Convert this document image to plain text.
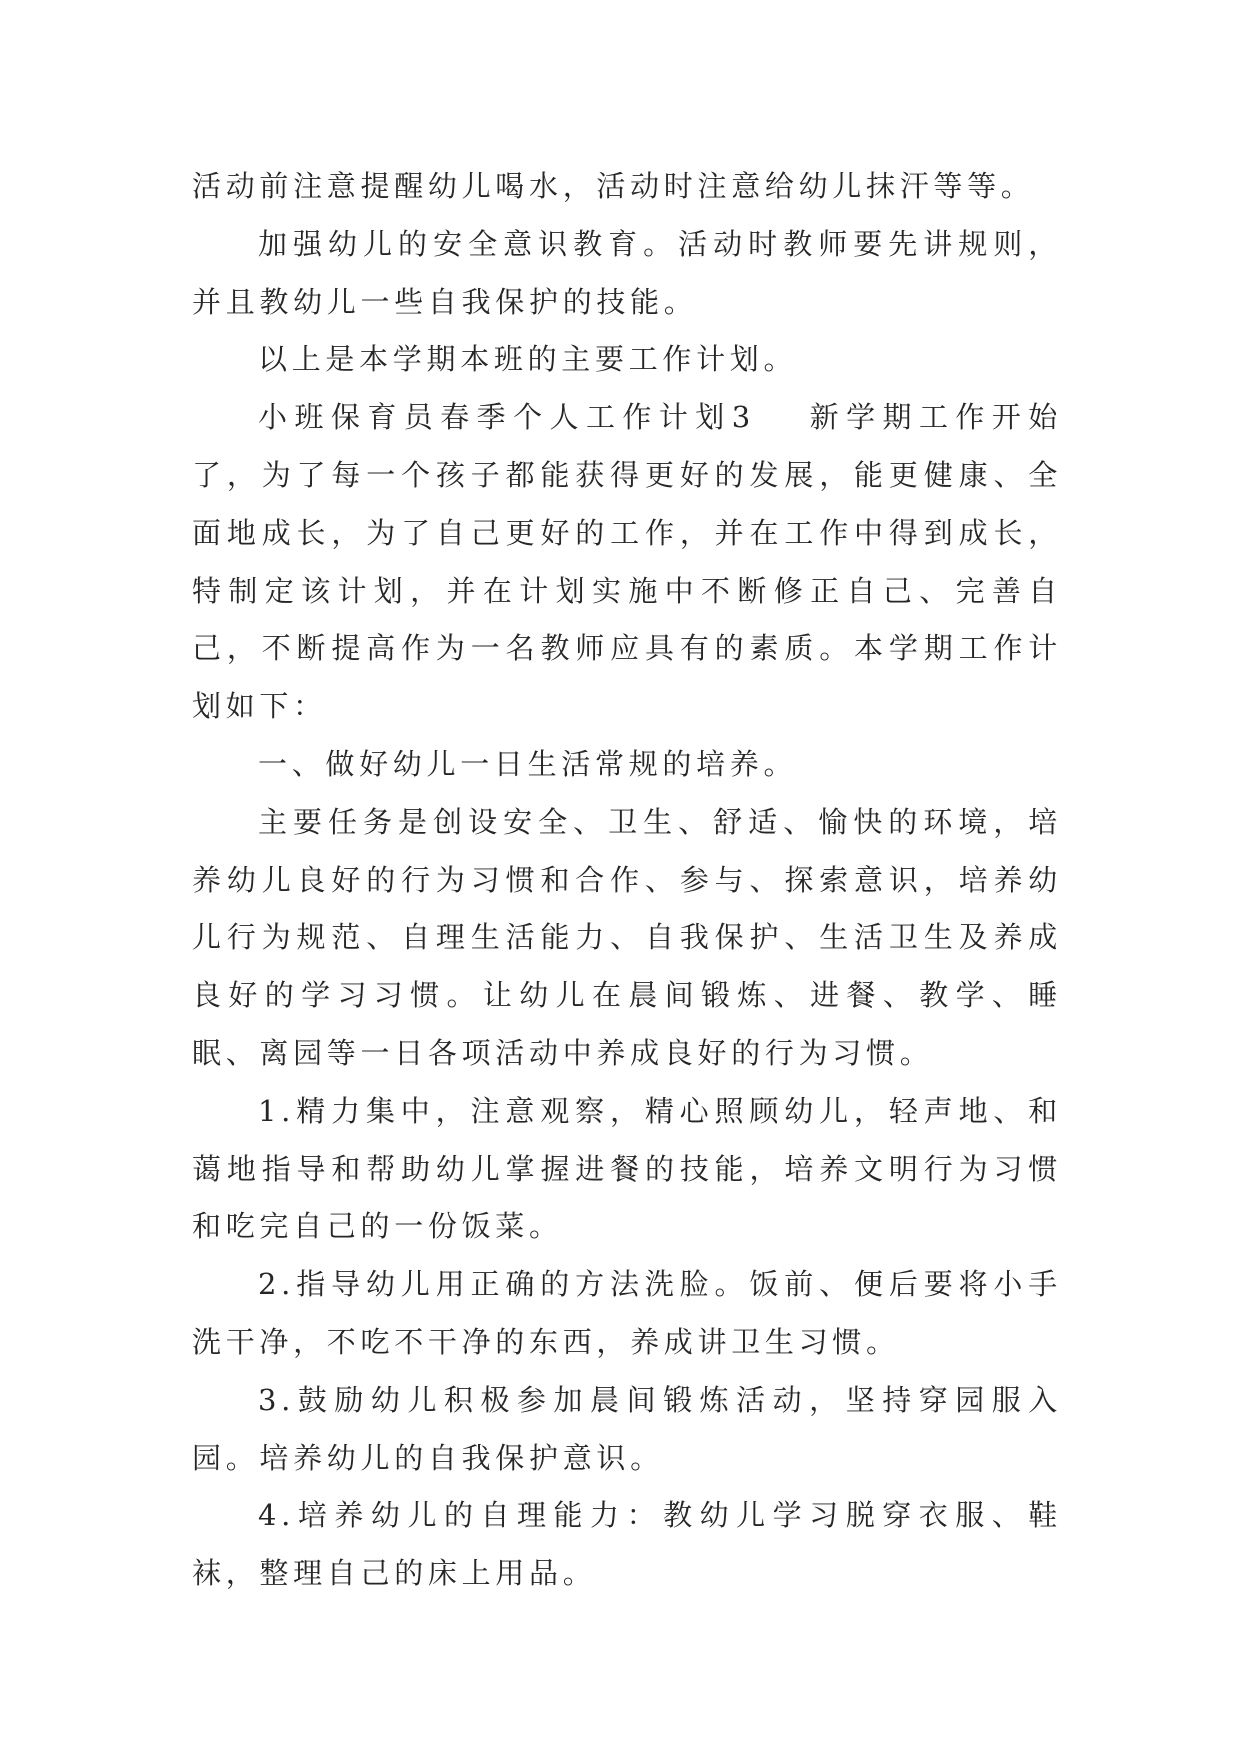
活动前注意提醒幼儿喝水，活动时注意给幼儿抹汗等等。

加强幼儿的安全意识教育。活动时教师要先讲规则，并且教幼儿一些自我保护的技能。

以上是本学期本班的主要工作计划。

小班保育员春季个人工作计划3 新学期工作开始了，为了每一个孩子都能获得更好的发展，能更健康、全面地成长，为了自己更好的工作，并在工作中得到成长，特制定该计划，并在计划实施中不断修正自己、完善自己，不断提高作为一名教师应具有的素质。本学期工作计划如下：

一、做好幼儿一日生活常规的培养。

主要任务是创设安全、卫生、舒适、愉快的环境，培养幼儿良好的行为习惯和合作、参与、探索意识，培养幼儿行为规范、自理生活能力、自我保护、生活卫生及养成良好的学习习惯。让幼儿在晨间锻炼、进餐、教学、睡眠、离园等一日各项活动中养成良好的行为习惯。

1.精力集中，注意观察，精心照顾幼儿，轻声地、和蔼地指导和帮助幼儿掌握进餐的技能，培养文明行为习惯和吃完自己的一份饭菜。

2.指导幼儿用正确的方法洗脸。饭前、便后要将小手洗干净，不吃不干净的东西，养成讲卫生习惯。

3.鼓励幼儿积极参加晨间锻炼活动，坚持穿园服入园。培养幼儿的自我保护意识。

4.培养幼儿的自理能力：教幼儿学习脱穿衣服、鞋袜，整理自己的床上用品。
